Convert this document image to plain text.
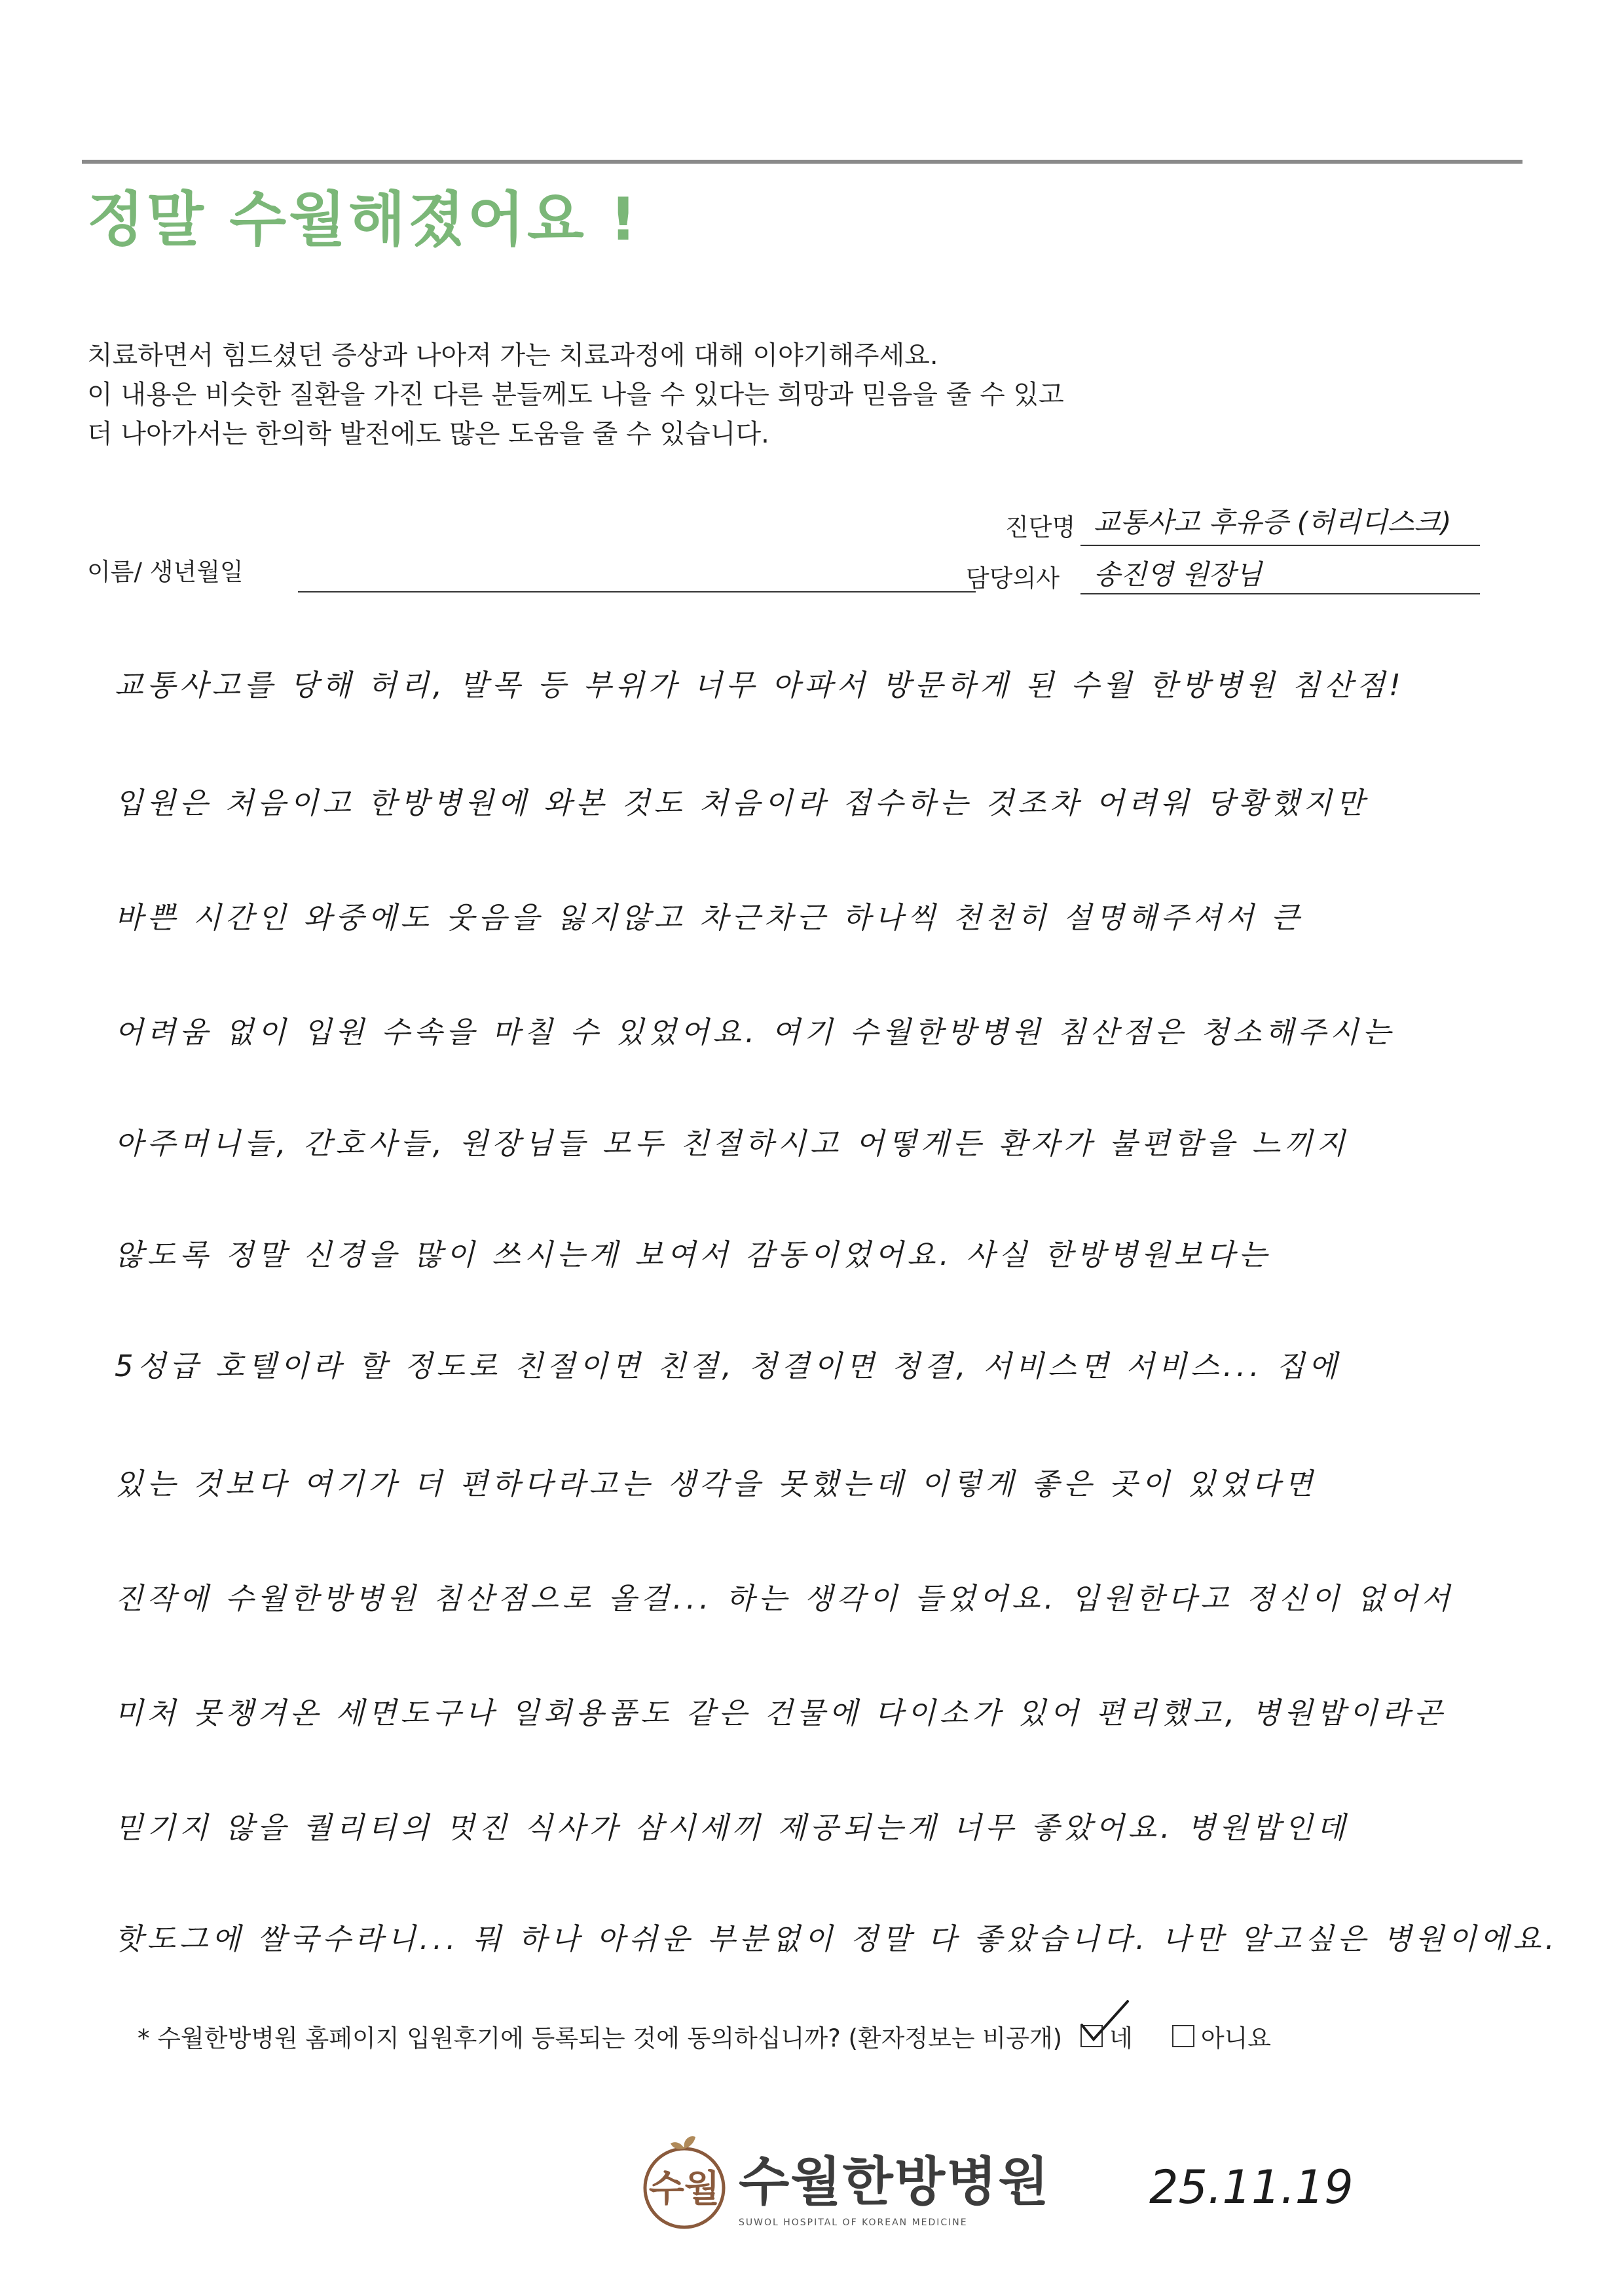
정말 수월해졌어요 !
치료하면서 힘드셨던 증상과 나아져 가는 치료과정에 대해 이야기해주세요.
이 내용은 비슷한 질환을 가진 다른 분들께도 나을 수 있다는 희망과 믿음을 줄 수 있고
더 나아가서는 한의학 발전에도 많은 도움을 줄 수 있습니다.
진단명 교통사고 후유증 (허리디스크)
이름/ 생년월일	담당의사 송진영 원장님
교통사고를 당해 허리, 발목 등 부위가 너무 아파서 방문하게 된 수월 한방병원 침산점!
입원은 처음이고 한방병원에 와본 것도 처음이라 접수하는 것조차 어려워 당황했지만
바쁜 시간인 와중에도 웃음을 잃지않고 차근차근 하나씩 천천히 설명해주셔서 큰
어려움 없이 입원 수속을 마칠 수 있었어요. 여기 수월한방병원 침산점은 청소해주시는
아주머니들, 간호사들, 원장님들 모두 친절하시고 어떻게든 환자가 불편함을 느끼지
않도록 정말 신경을 많이 쓰시는게 보여서 감동이었어요. 사실 한방병원보다는
5성급 호텔이라 할 정도로 친절이면 친절, 청결이면 청결, 서비스면 서비스... 집에
있는 것보다 여기가 더 편하다라고는 생각을 못했는데 이렇게 좋은 곳이 있었다면
진작에 수월한방병원 침산점으로 올걸... 하는 생각이 들었어요. 입원한다고 정신이 없어서
미처 못챙겨온 세면도구나 일회용품도 같은 건물에 다이소가 있어 편리했고, 병원밥이라곤
믿기지 않을 퀄리티의 멋진 식사가 삼시세끼 제공되는게 너무 좋았어요. 병원밥인데
핫도그에 쌀국수라니... 뭐 하나 아쉬운 부분없이 정말 다 좋았습니다. 나만 알고싶은 병원이에요.
* 수월한방병원 홈페이지 입원후기에 등록되는 것에 동의하십니까? (환자정보는 비공개) 네	아니요
수월 수월한방병원
SUWOL HOSPITAL OF KOREAN MEDICINE
25.11.19
